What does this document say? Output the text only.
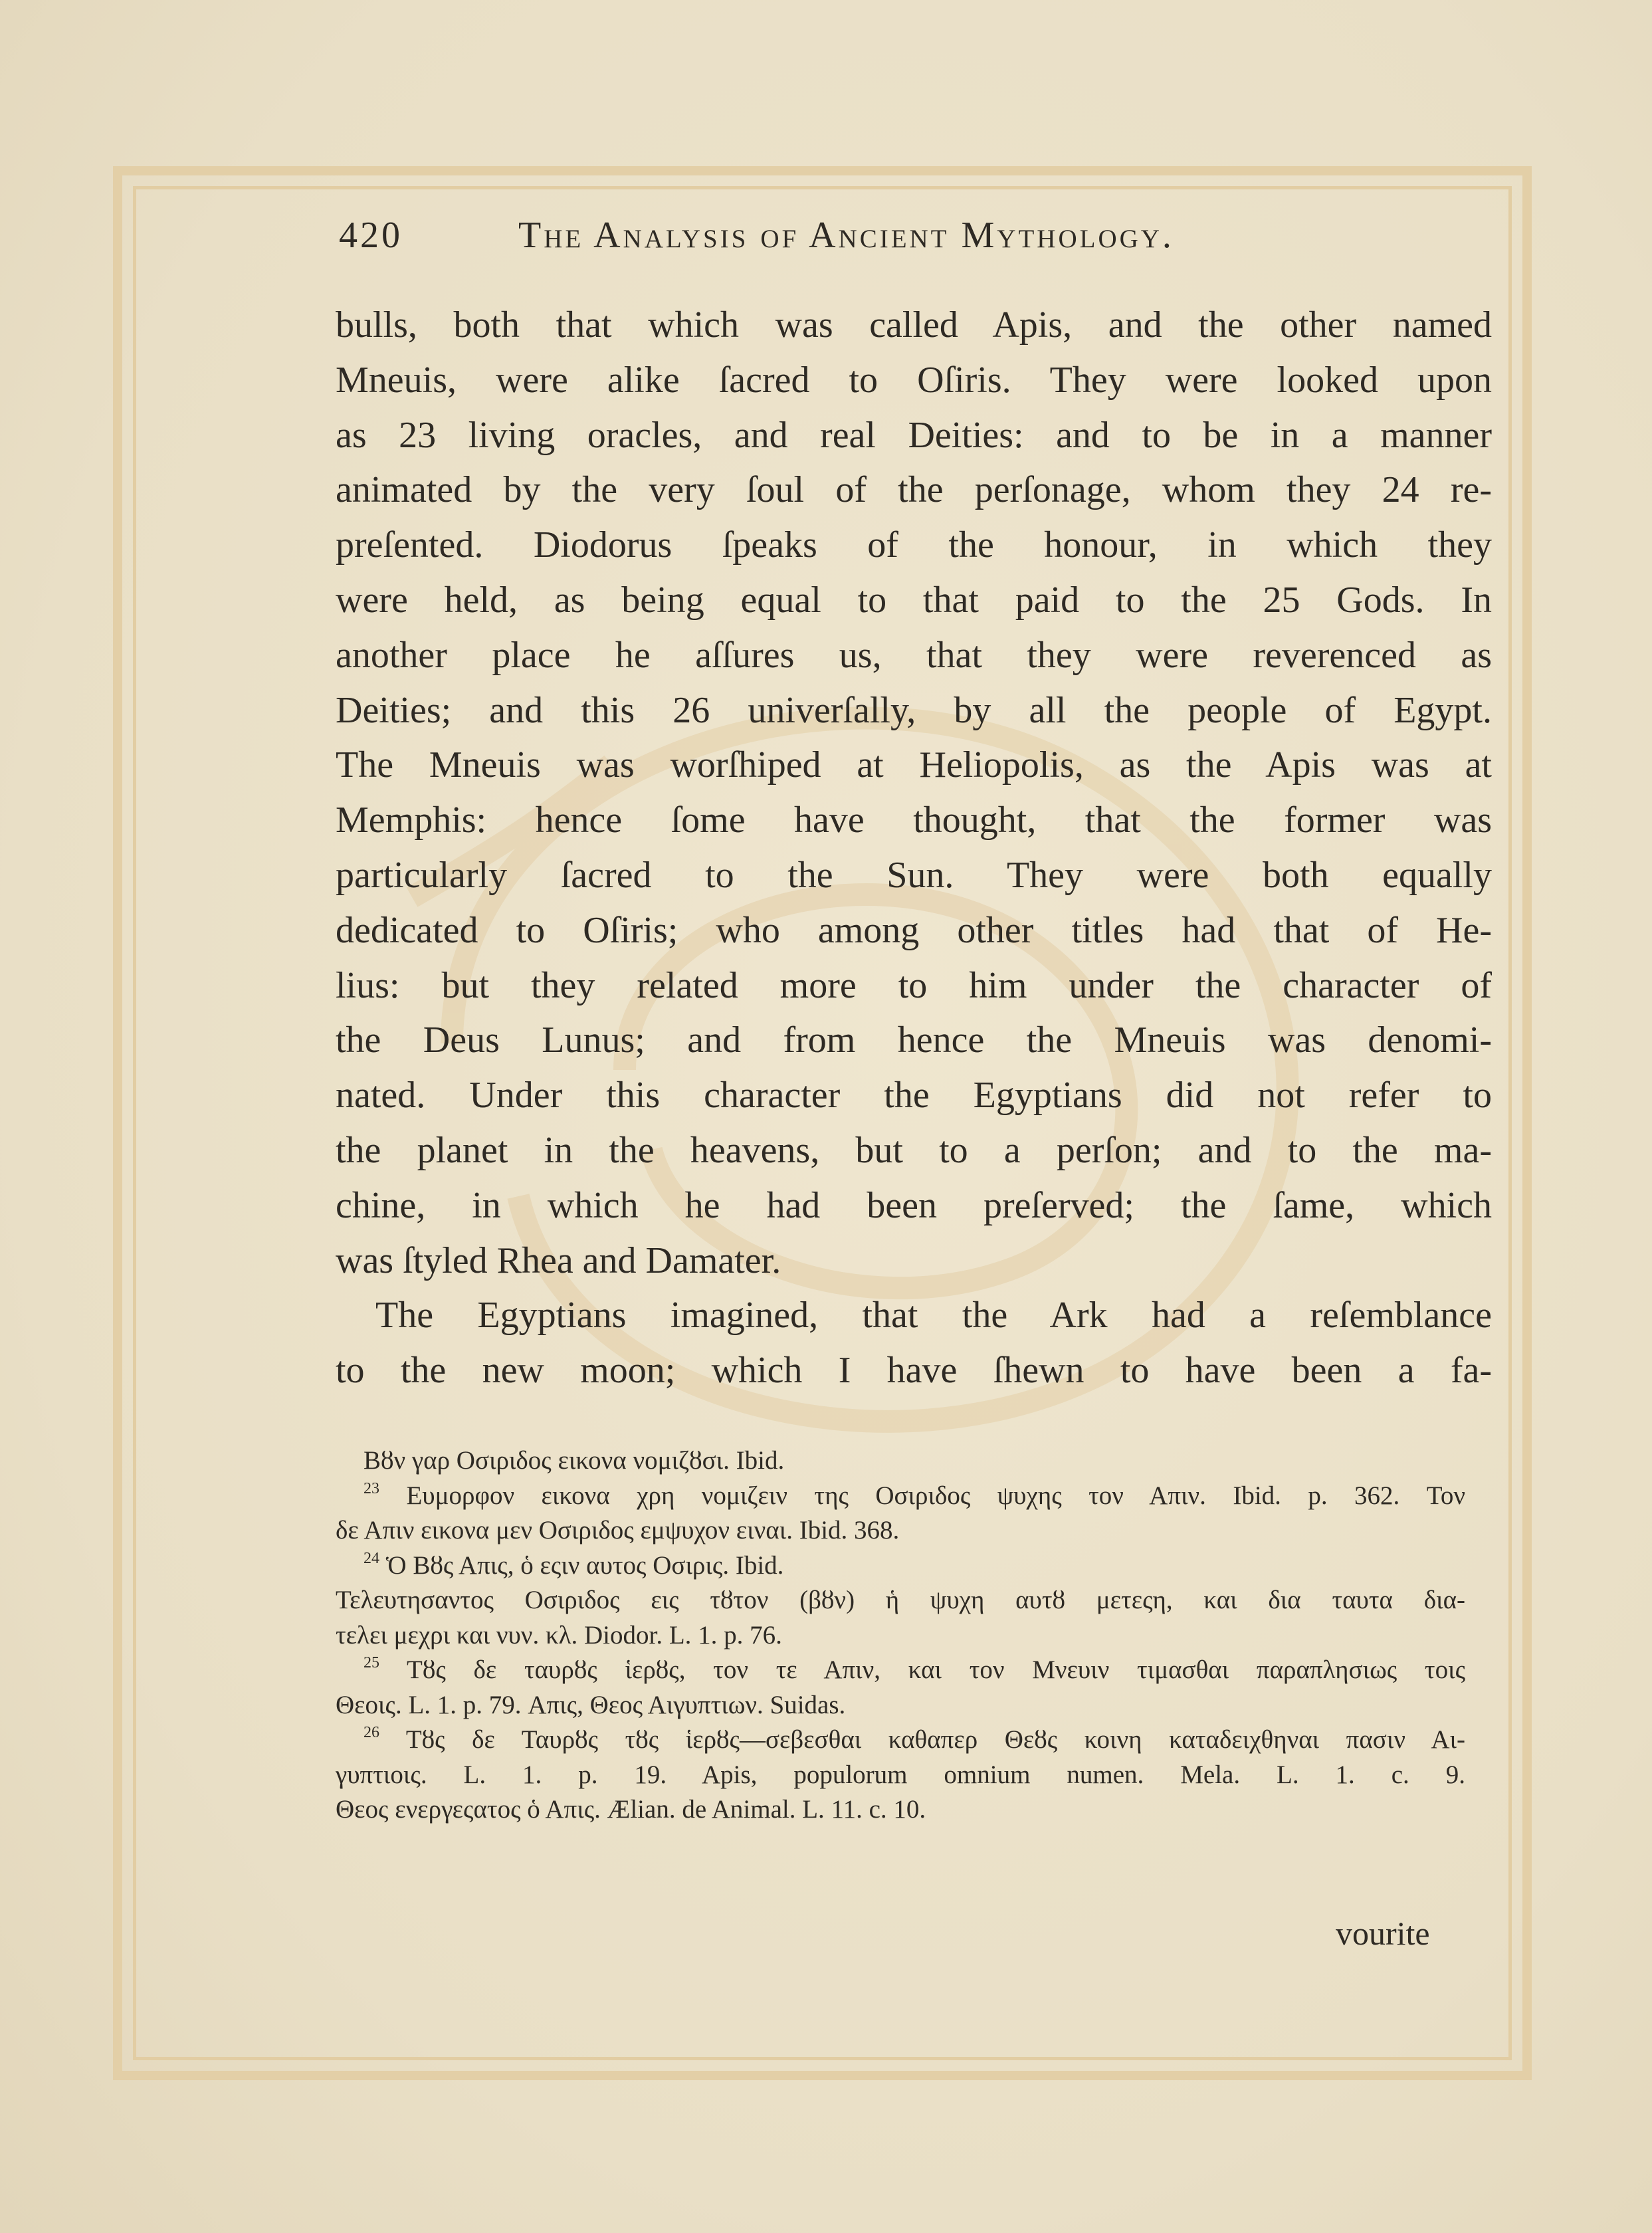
420	The Analysis of Ancient Mythology.
bulls, both that which was called Apis, and the other named
Mneuis, were alike ſacred to Oſiris. They were looked upon
as 23 living oracles, and real Deities: and to be in a manner
animated by the very ſoul of the perſonage, whom they 24 re-
preſented. Diodorus ſpeaks of the honour, in which they
were held, as being equal to that paid to the 25 Gods. In
another place he aſſures us, that they were reverenced as
Deities; and this 26 univerſally, by all the people of Egypt.
The Mneuis was worſhiped at Heliopolis, as the Apis was at
Memphis: hence ſome have thought, that the former was
particularly ſacred to the Sun. They were both equally
dedicated to Oſiris; who among other titles had that of He-
lius: but they related more to him under the character of
the Deus Lunus; and from hence the Mneuis was denomi-
nated. Under this character the Egyptians did not refer to
the planet in the heavens, but to a perſon; and to the ma-
chine, in which he had been preſerved; the ſame, which
was ſtyled Rhea and Damater.
The Egyptians imagined, that the Ark had a reſemblance
to the new moon; which I have ſhewn to have been a fa-
Βȣν γαρ Οσιριδος εικονα νομιζȣσι. Ibid.
$^{23}$ Ευμορφον εικονα χρη νομιζειν της Οσιριδος ψυχης τον Απιν. Ibid. p. 362. Τον
δε Απιν εικονα μεν Οσιριδος εμψυχον ειναι. Ibid. 368.
$^{24}$ Ὁ Βȣς Απις, ὁ εςιν αυτος Οσιρις. Ibid.
Τελευτησαντος Οσιριδος εις τȣτον (βȣν) ἡ ψυχη αυτȣ μετεςη, και δια ταυτα δια-
τελει μεχρι και νυν. κλ. Diodor. L. 1. p. 76.
$^{25}$ Τȣς δε ταυρȣς ἱερȣς, τον τε Απιν, και τον Μνευιν τιμασθαι παραπλησιως τοις
Θεοις. L. 1. p. 79. Απις, Θεος Αιγυπτιων. Suidas.
$^{26}$ Τȣς δε Ταυρȣς τȣς ἱερȣς—σεβεσθαι καθαπερ Θεȣς κοινη καταδειχθηναι πασιν Αι-
γυπτιοις. L. 1. p. 19. Apis, populorum omnium numen. Mela. L. 1. c. 9.
Θεος ενεργεςατος ὁ Απις. Ælian. de Animal. L. 11. c. 10.
vourite
